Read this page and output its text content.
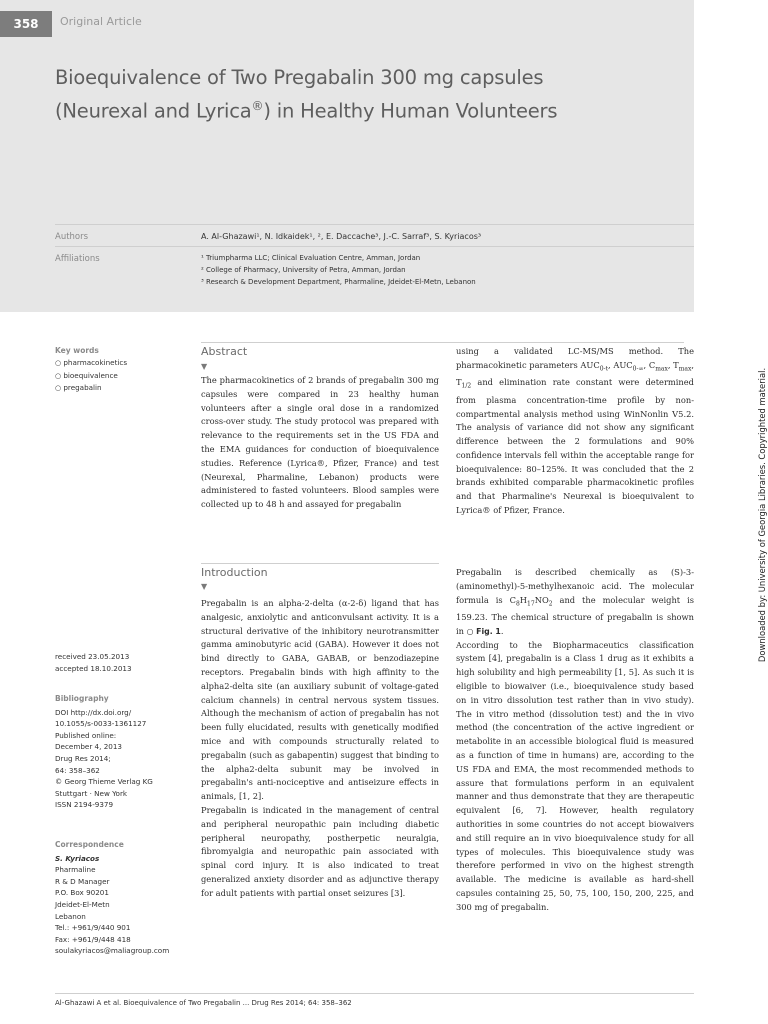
358	Original Article
Bioequivalence of Two Pregabalin 300 mg capsules
(Neurexal and Lyrica®) in Healthy Human Volunteers
Authors	A. Al-Ghazawi¹, N. Idkaidek¹, ², E. Daccache³, J.-C. Sarraf³, S. Kyriacos³
Affiliations	¹ Triumpharma LLC; Clinical Evaluation Centre, Amman, Jordan
² College of Pharmacy, University of Petra, Amman, Jordan
³ Research & Development Department, Pharmaline, Jdeidet-El-Metn, Lebanon
Key words
○ pharmacokinetics
○ bioequivalence
○ pregabalin
received 23.05.2013
accepted 18.10.2013
Bibliography
DOI http://dx.doi.org/
10.1055/s-0033-1361127
Published online:
December 4, 2013
Drug Res 2014;
64: 358–362
© Georg Thieme Verlag KG
Stuttgart · New York
ISSN 2194-9379
Correspondence
S. Kyriacos
Pharmaline
R & D Manager
P.O. Box 90201
Jdeidet-El-Metn
Lebanon
Tel.: +961/9/440 901
Fax: +961/9/448 418
soulakyriacos@maliagroup.com
Abstract
▼

The pharmacokinetics of 2 brands of pregabalin 300 mg capsules were compared in 23 healthy human volunteers after a single oral dose in a randomized cross-over study. The study protocol was prepared with relevance to the requirements set in the US FDA and the EMA guidances for conduction of bioequivalence studies. Reference (Lyrica®, Pfizer, France) and test (Neurexal, Pharmaline, Lebanon) products were administered to fasted volunteers. Blood samples were collected up to 48 h and assayed for pregabalin

using a validated LC-MS/MS method. The pharmacokinetic parameters $AUC_{0-t}$, $AUC_{0-\infty}$, $C_{max}$, $T_{max}$, $T_{1/2}$ and elimination rate constant were determined from plasma concentration-time profile by non-compartmental analysis method using WinNonlin V5.2. The analysis of variance did not show any significant difference between the 2 formulations and 90% confidence intervals fell within the acceptable range for bioequivalence: 80–125%. It was concluded that the 2 brands exhibited comparable pharmacokinetic profiles and that Pharmaline's Neurexal is bioequivalent to Lyrica® of Pfizer, France.

Introduction
▼

Pregabalin is an alpha-2-delta (α-2-δ) ligand that has analgesic, anxiolytic and anticonvulsant activity. It is a structural derivative of the inhibitory neurotransmitter gamma aminobutyric acid (GABA). However it does not bind directly to GABA, GABAB, or benzodiazepine receptors. Pregabalin binds with high affinity to the alpha2-delta site (an auxiliary subunit of voltage-gated calcium channels) in central nervous system tissues. Although the mechanism of action of pregabalin has not been fully elucidated, results with genetically modified mice and with compounds structurally related to pregabalin (such as gabapentin) suggest that binding to the alpha2-delta subunit may be involved in pregabalin's anti-nociceptive and antiseizure effects in animals, [1, 2].

Pregabalin is indicated in the management of central and peripheral neuropathic pain including diabetic peripheral neuropathy, postherpetic neuralgia, fibromyalgia and neuropathic pain associated with spinal cord injury. It is also indicated to treat generalized anxiety disorder and as adjunctive therapy for adult patients with partial onset seizures [3].

Pregabalin is described chemically as (S)-3-(aminomethyl)-5-methylhexanoic acid. The molecular formula is $C_8H_{17}NO_2$ and the molecular weight is 159.23. The chemical structure of pregabalin is shown in ○ Fig. 1.

According to the Biopharmaceutics classification system [4], pregabalin is a Class 1 drug as it exhibits a high solubility and high permeability [1, 5]. As such it is eligible to biowaiver (i.e., bioequivalence study based on in vitro dissolution test rather than in vivo study). The in vitro method (dissolution test) and the in vivo method (the concentration of the active ingredient or metabolite in an accessible biological fluid is measured as a function of time in humans) are, according to the US FDA and EMA, the most recommended methods to assure that formulations perform in an equivalent manner and thus demonstrate that they are therapeutic equivalent [6, 7]. However, health regulatory authorities in some countries do not accept biowaivers and still require an in vivo bioequivalence study for all types of molecules. This bioequivalence study was therefore performed in vivo on the highest strength available. The medicine is available as hard-shell capsules containing 25, 50, 75, 100, 150, 200, 225, and 300 mg of pregabalin.

Al-Ghazawi A et al. Bioequivalence of Two Pregabalin ... Drug Res 2014; 64: 358–362
Downloaded by: University of Georgia Libraries. Copyrighted material.
